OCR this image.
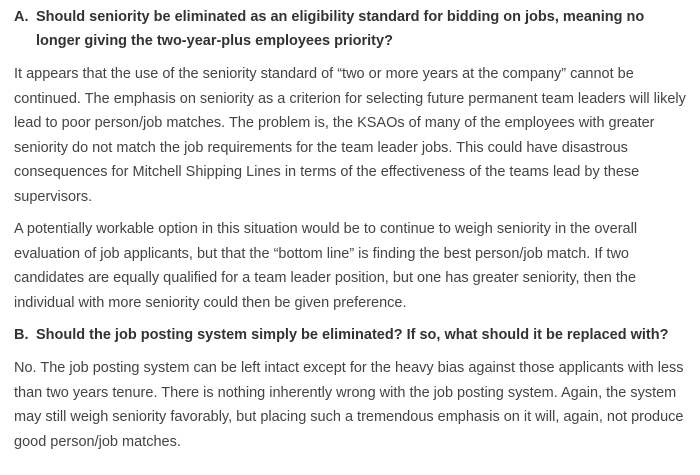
A. Should seniority be eliminated as an eligibility standard for bidding on jobs, meaning no longer giving the two-year-plus employees priority?

It appears that the use of the seniority standard of “two or more years at the company” cannot be continued. The emphasis on seniority as a criterion for selecting future permanent team leaders will likely lead to poor person/job matches. The problem is, the KSAOs of many of the employees with greater seniority do not match the job requirements for the team leader jobs. This could have disastrous consequences for Mitchell Shipping Lines in terms of the effectiveness of the teams lead by these supervisors.

A potentially workable option in this situation would be to continue to weigh seniority in the overall evaluation of job applicants, but that the “bottom line” is finding the best person/job match. If two candidates are equally qualified for a team leader position, but one has greater seniority, then the individual with more seniority could then be given preference.

B. Should the job posting system simply be eliminated? If so, what should it be replaced with?

No. The job posting system can be left intact except for the heavy bias against those applicants with less than two years tenure. There is nothing inherently wrong with the job posting system. Again, the system may still weigh seniority favorably, but placing such a tremendous emphasis on it will, again, not produce good person/job matches.
